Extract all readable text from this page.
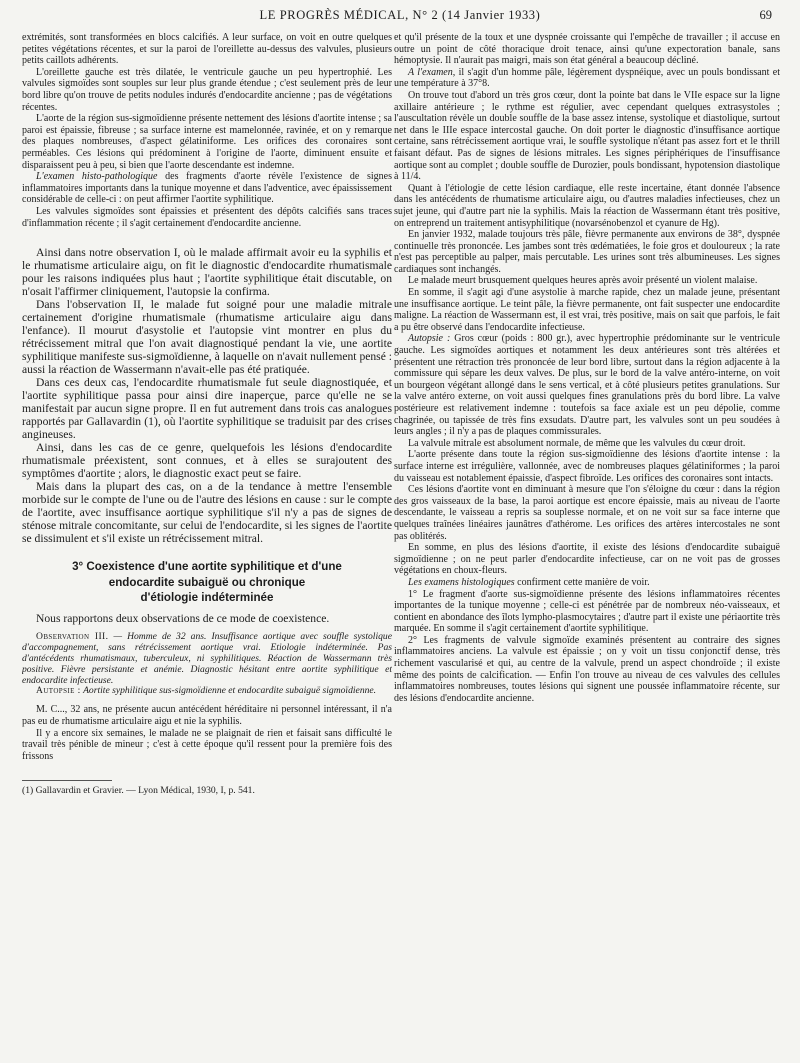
LE PROGRÈS MÉDICAL, N° 2 (14 Janvier 1933)	69

extrémités, sont transformées en blocs calcifiés. A leur surface, on voit en outre quelques petites végétations récentes, et sur la paroi de l'oreillette au-dessus des valvules, plusieurs petits caillots adhérents.

L'oreillette gauche est très dilatée, le ventricule gauche un peu hypertrophié. Les valvules sigmoïdes sont souples sur leur plus grande étendue ; c'est seulement près de leur bord libre qu'on trouve de petits nodules indurés d'endocardite ancienne ; pas de végétations récentes.

L'aorte de la région sus-sigmoïdienne présente nettement des lésions d'aortite intense ; sa paroi est épaissie, fibreuse ; sa surface interne est mamelonnée, ravinée, et on y remarque des plaques nombreuses, d'aspect gélatiniforme. Les orifices des coronaires sont perméables. Ces lésions qui prédominent à l'origine de l'aorte, diminuent ensuite et disparaissent peu à peu, si bien que l'aorte descendante est indemne.

L'examen histo-pathologique des fragments d'aorte révèle l'existence de signes inflammatoires importants dans la tunique moyenne et dans l'adventice, avec épaississement considérable de celle-ci : on peut affirmer l'aortite syphilitique.

Les valvules sigmoïdes sont épaissies et présentent des dépôts calcifiés sans traces d'inflammation récente ; il s'agit certainement d'endocardite ancienne.

Ainsi dans notre observation I, où le malade affirmait avoir eu la syphilis et le rhumatisme articulaire aigu, on fit le diagnostic d'endocardite rhumatismale pour les raisons indiquées plus haut ; l'aortite syphilitique était discutable, on n'osait l'affirmer cliniquement, l'autopsie la confirma.

Dans l'observation II, le malade fut soigné pour une maladie mitrale certainement d'origine rhumatismale (rhumatisme articulaire aigu dans l'enfance). Il mourut d'asystolie et l'autopsie vint montrer en plus du rétrécissement mitral que l'on avait diagnostiqué pendant la vie, une aortite syphilitique manifeste sus-sigmoïdienne, à laquelle on n'avait nullement pensé : aussi la réaction de Wassermann n'avait-elle pas été pratiquée.

Dans ces deux cas, l'endocardite rhumatismale fut seule diagnostiquée, et l'aortite syphilitique passa pour ainsi dire inaperçue, parce qu'elle ne se manifestait par aucun signe propre. Il en fut autrement dans trois cas analogues rapportés par Gallavardin (1), où l'aortite syphilitique se traduisit par des crises angineuses.

Ainsi, dans les cas de ce genre, quelquefois les lésions d'endocardite rhumatismale préexistent, sont connues, et à elles se surajoutent des symptômes d'aortite ; alors, le diagnostic exact peut se faire.

Mais dans la plupart des cas, on a de la tendance à mettre l'ensemble morbide sur le compte de l'une ou de l'autre des lésions en cause : sur le compte de l'aortite, avec insuffisance aortique syphilitique s'il n'y a pas de signes de sténose mitrale concomitante, sur celui de l'endocardite, si les signes de l'aortite se dissimulent et s'il existe un rétrécissement mitral.

3° Coexistence d'une aortite syphilitique et d'une
endocardite subaiguë ou chronique
d'étiologie indéterminée

Nous rapportons deux observations de ce mode de coexistence.

Observation III. — Homme de 32 ans. Insuffisance aortique avec souffle systolique d'accompagnement, sans rétrécissement aortique vrai. Etiologie indéterminée. Pas d'antécédents rhumatismaux, tuberculeux, ni syphilitiques. Réaction de Wassermann très positive. Fièvre persistante et anémie. Diagnostic hésitant entre aortite syphilitique et endocardite infectieuse.

Autopsie : Aortite syphilitique sus-sigmoïdienne et endocardite subaiguë sigmoïdienne.

M. C..., 32 ans, ne présente aucun antécédent héréditaire ni personnel intéressant, il n'a pas eu de rhumatisme articulaire aigu et nie la syphilis.

Il y a encore six semaines, le malade ne se plaignait de rien et faisait sans difficulté le travail très pénible de mineur ; c'est à cette époque qu'il ressent pour la première fois des frissons

(1) Gallavardin et Gravier. — Lyon Médical, 1930, I, p. 541.

et qu'il présente de la toux et une dyspnée croissante qui l'empêche de travailler ; il accuse en outre un point de côté thoracique droit tenace, ainsi qu'une expectoration banale, sans hémoptysie. Il n'aurait pas maigri, mais son état général a beaucoup décliné.

A l'examen, il s'agit d'un homme pâle, légèrement dyspnéique, avec un pouls bondissant et une température à 37°8.

On trouve tout d'abord un très gros cœur, dont la pointe bat dans le VIIe espace sur la ligne axillaire antérieure ; le rythme est régulier, avec cependant quelques extrasystoles ; l'auscultation révèle un double souffle de la base assez intense, systolique et diastolique, surtout net dans le IIIe espace intercostal gauche. On doit porter le diagnostic d'insuffisance aortique certaine, sans rétrécissement aortique vrai, le souffle systolique n'étant pas assez fort et le thrill faisant défaut. Pas de signes de lésions mitrales. Les signes périphériques de l'insuffisance aortique sont au complet ; double souffle de Durozier, pouls bondissant, hypotension diastolique à 11/4.

Quant à l'étiologie de cette lésion cardiaque, elle reste incertaine, étant donnée l'absence dans les antécédents de rhumatisme articulaire aigu, ou d'autres maladies infectieuses, chez un sujet jeune, qui d'autre part nie la syphilis. Mais la réaction de Wassermann étant très positive, on entreprend un traitement antisyphilitique (novarsénobenzol et cyanure de Hg).

En janvier 1932, malade toujours très pâle, fièvre permanente aux environs de 38°, dyspnée continuelle très prononcée. Les jambes sont très œdématiées, le foie gros et douloureux ; la rate n'est pas perceptible au palper, mais percutable. Les urines sont très albumineuses. Les signes cardiaques sont inchangés.

Le malade meurt brusquement quelques heures après avoir présenté un violent malaise.

En somme, il s'agit agi d'une asystolie à marche rapide, chez un malade jeune, présentant une insuffisance aortique. Le teint pâle, la fièvre permanente, ont fait suspecter une endocardite maligne. La réaction de Wassermann est, il est vrai, très positive, mais on sait que parfois, le fait a pu être observé dans l'endocardite infectieuse.

Autopsie : Gros cœur (poids : 800 gr.), avec hypertrophie prédominante sur le ventricule gauche. Les sigmoïdes aortiques et notamment les deux antérieures sont très altérées et présentent une rétraction très prononcée de leur bord libre, surtout dans la région adjacente à la commissure qui sépare les deux valves. De plus, sur le bord de la valve antéro-interne, on voit un bourgeon végétant allongé dans le sens vertical, et à côté plusieurs petites granulations. Sur la valve antéro externe, on voit aussi quelques fines granulations près du bord libre. La valve postérieure est relativement indemne : toutefois sa face axiale est un peu dépolie, comme chagrinée, ou tapissée de très fins exsudats. D'autre part, les valvules sont un peu soudées à leurs angles ; il n'y a pas de plaques commissurales.

La valvule mitrale est absolument normale, de même que les valvules du cœur droit.

L'aorte présente dans toute la région sus-sigmoïdienne des lésions d'aortite intense : la surface interne est irrégulière, vallonnée, avec de nombreuses plaques gélatiniformes ; la paroi du vaisseau est notablement épaissie, d'aspect fibroïde. Les orifices des coronaires sont intacts.

Ces lésions d'aortite vont en diminuant à mesure que l'on s'éloigne du cœur : dans la région des gros vaisseaux de la base, la paroi aortique est encore épaissie, mais au niveau de l'aorte descendante, le vaisseau a repris sa souplesse normale, et on ne voit sur sa face interne que quelques traînées linéaires jaunâtres d'athérome. Les orifices des artères intercostales ne sont pas oblitérés.

En somme, en plus des lésions d'aortite, il existe des lésions d'endocardite subaiguë sigmoïdienne ; on ne peut parler d'endocardite infectieuse, car on ne voit pas de grosses végétations en choux-fleurs.

Les examens histologiques confirment cette manière de voir.

1° Le fragment d'aorte sus-sigmoïdienne présente des lésions inflammatoires récentes importantes de la tunique moyenne ; celle-ci est pénétrée par de nombreux néo-vaisseaux, et contient en abondance des îlots lympho-plasmocytaires ; d'autre part il existe une périaortite très marquée. En somme il s'agit certainement d'aortite syphilitique.

2° Les fragments de valvule sigmoïde examinés présentent au contraire des signes inflammatoires anciens. La valvule est épaissie ; on y voit un tissu conjonctif dense, très richement vascularisé et qui, au centre de la valvule, prend un aspect chondroïde ; il existe même des points de calcification. — Enfin l'on trouve au niveau de ces valvules des cellules inflammatoires nombreuses, toutes lésions qui signent une poussée inflammatoire récente, sur des lésions d'endocardite ancienne.
